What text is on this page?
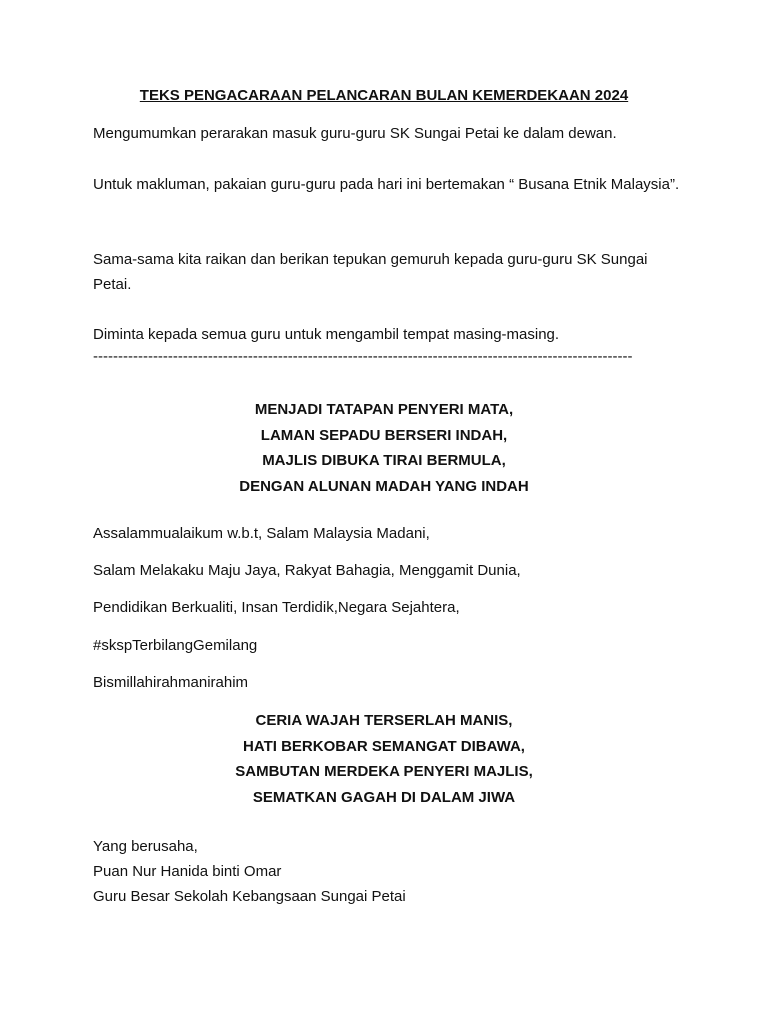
TEKS PENGACARAAN PELANCARAN BULAN KEMERDEKAAN 2024

Mengumumkan perarakan masuk guru-guru SK Sungai Petai ke dalam dewan.

Untuk makluman, pakaian guru-guru pada hari ini bertemakan “ Busana Etnik Malaysia”.

Sama-sama kita raikan dan berikan tepukan gemuruh kepada guru-guru SK Sungai Petai.

Diminta kepada semua guru untuk mengambil tempat masing-masing.

------------------------------------------------------------------------------------------------------------
MENJADI TATAPAN PENYERI MATA,
LAMAN SEPADU BERSERI INDAH,
MAJLIS DIBUKA TIRAI BERMULA,
DENGAN ALUNAN MADAH YANG INDAH
Assalammualaikum w.b.t, Salam Malaysia Madani,
Salam Melakaku Maju Jaya, Rakyat Bahagia, Menggamit Dunia,
Pendidikan Berkualiti, Insan Terdidik,Negara Sejahtera,
#skspTerbilangGemilang
Bismillahirahmanirahim
CERIA WAJAH TERSERLAH MANIS,
HATI BERKOBAR SEMANGAT DIBAWA,
SAMBUTAN MERDEKA PENYERI MAJLIS,
SEMATKAN GAGAH DI DALAM JIWA
Yang berusaha,
Puan Nur Hanida binti Omar
Guru Besar Sekolah Kebangsaan Sungai Petai
